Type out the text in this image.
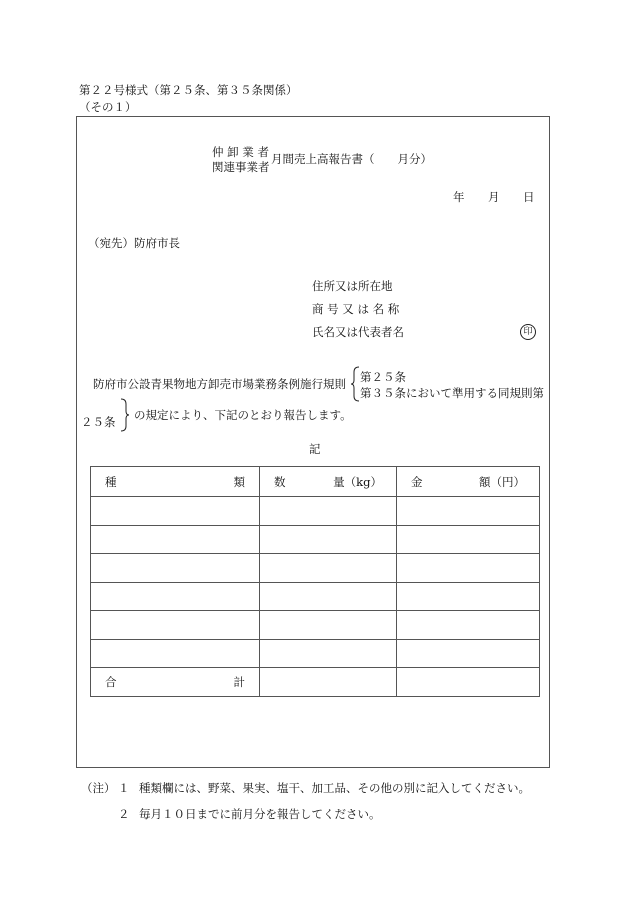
第２２号様式（第２５条、第３５条関係）
（その１）
仲 卸 業 者
関連事業者
月間売上高報告書（　　月分）
年 月 日
（宛先）防府市長
住所又は所在地
商 号 又 は 名 称
氏名又は代表者名	印
防府市公設青果物地方卸売市場業務条例施行規則 第２５条
第３５条において準用する同規則第
２５条 の規定により、下記のとおり報告します。
記
種 類	数 量（kg）	金 額（円）

合 計		

（注） １ 種類欄には、野菜、果実、塩干、加工品、その他の別に記入してください。
２ 毎月１０日までに前月分を報告してください。
